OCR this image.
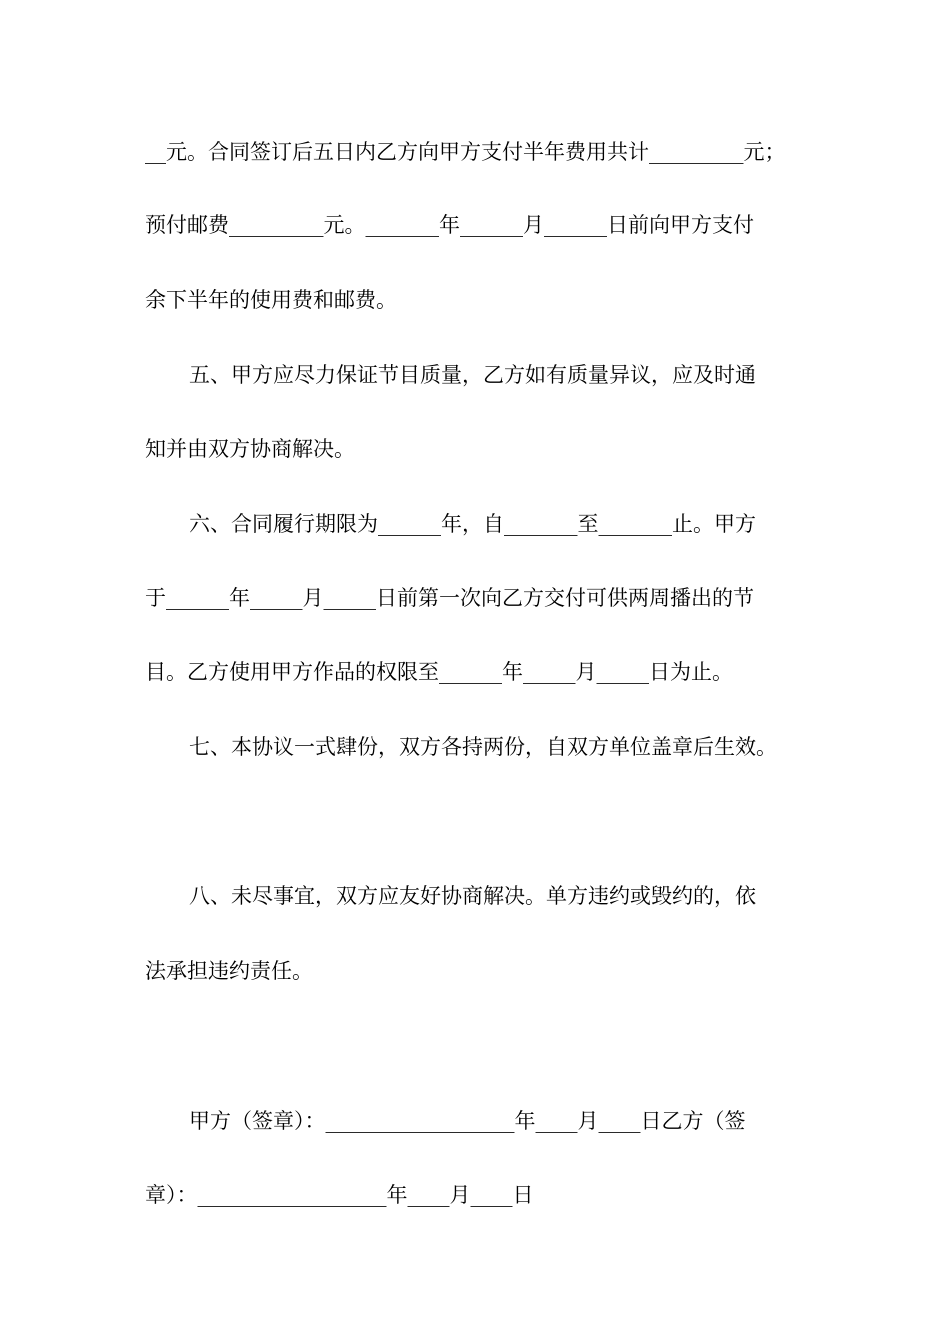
__元。合同签订后五日内乙方向甲方支付半年费用共计_________元；
预付邮费_________元。_______年______月______日前向甲方支付
余下半年的使用费和邮费。
五、甲方应尽力保证节目质量，乙方如有质量异议，应及时通
知并由双方协商解决。
六、合同履行期限为______年，自_______至_______止。甲方
于______年_____月_____日前第一次向乙方交付可供两周播出的节
目。乙方使用甲方作品的权限至______年_____月_____日为止。
七、本协议一式肆份，双方各持两份，自双方单位盖章后生效。
八、未尽事宜，双方应友好协商解决。单方违约或毁约的，依
法承担违约责任。
甲方（签章）：__________________年____月____日乙方（签
章）：__________________年____月____日
